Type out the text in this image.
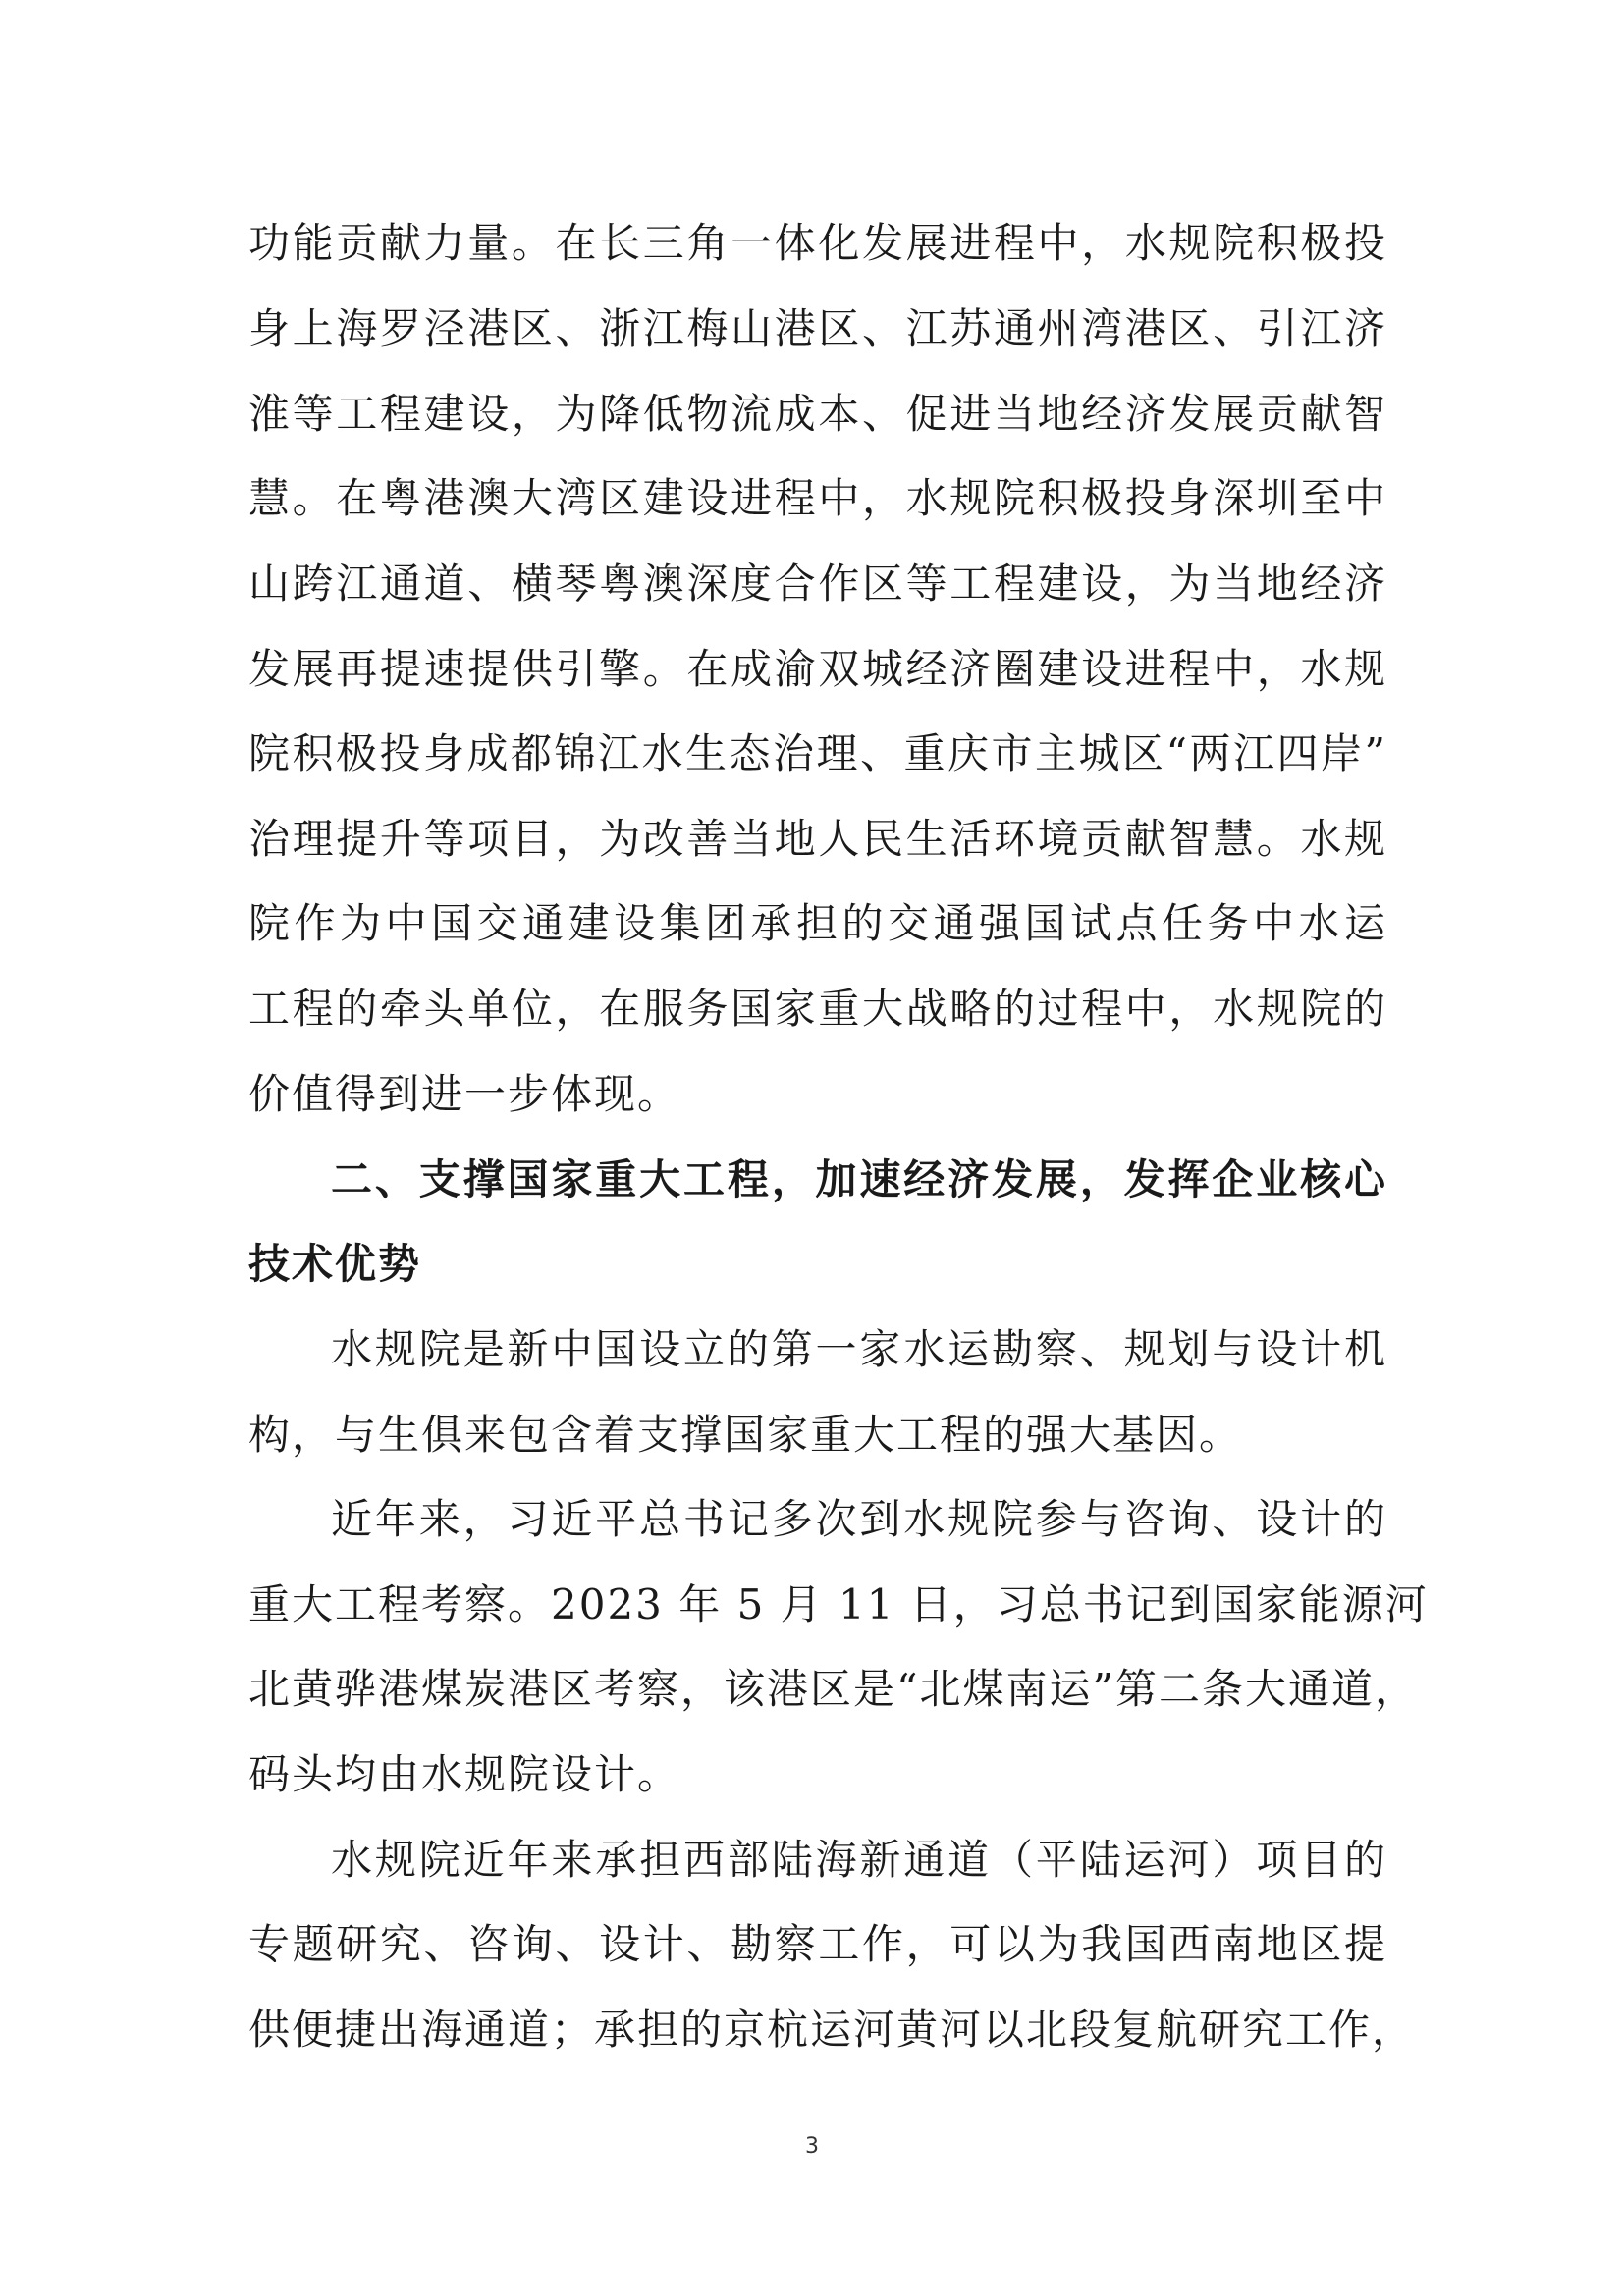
功能贡献力量。在长三角一体化发展进程中，水规院积极投
身上海罗泾港区、浙江梅山港区、江苏通州湾港区、引江济
淮等工程建设，为降低物流成本、促进当地经济发展贡献智
慧。在粤港澳大湾区建设进程中，水规院积极投身深圳至中
山跨江通道、横琴粤澳深度合作区等工程建设，为当地经济
发展再提速提供引擎。在成渝双城经济圈建设进程中，水规
院积极投身成都锦江水生态治理、重庆市主城区“两江四岸”
治理提升等项目，为改善当地人民生活环境贡献智慧。水规
院作为中国交通建设集团承担的交通强国试点任务中水运
工程的牵头单位，在服务国家重大战略的过程中，水规院的
价值得到进一步体现。
二、支撑国家重大工程，加速经济发展，发挥企业核心
技术优势
水规院是新中国设立的第一家水运勘察、规划与设计机
构，与生俱来包含着支撑国家重大工程的强大基因。
近年来，习近平总书记多次到水规院参与咨询、设计的
重大工程考察。2023 年 5 月 11 日，习总书记到国家能源河
北黄骅港煤炭港区考察，该港区是“北煤南运”第二条大通道，
码头均由水规院设计。
水规院近年来承担西部陆海新通道（平陆运河）项目的
专题研究、咨询、设计、勘察工作，可以为我国西南地区提
供便捷出海通道；承担的京杭运河黄河以北段复航研究工作，
3
